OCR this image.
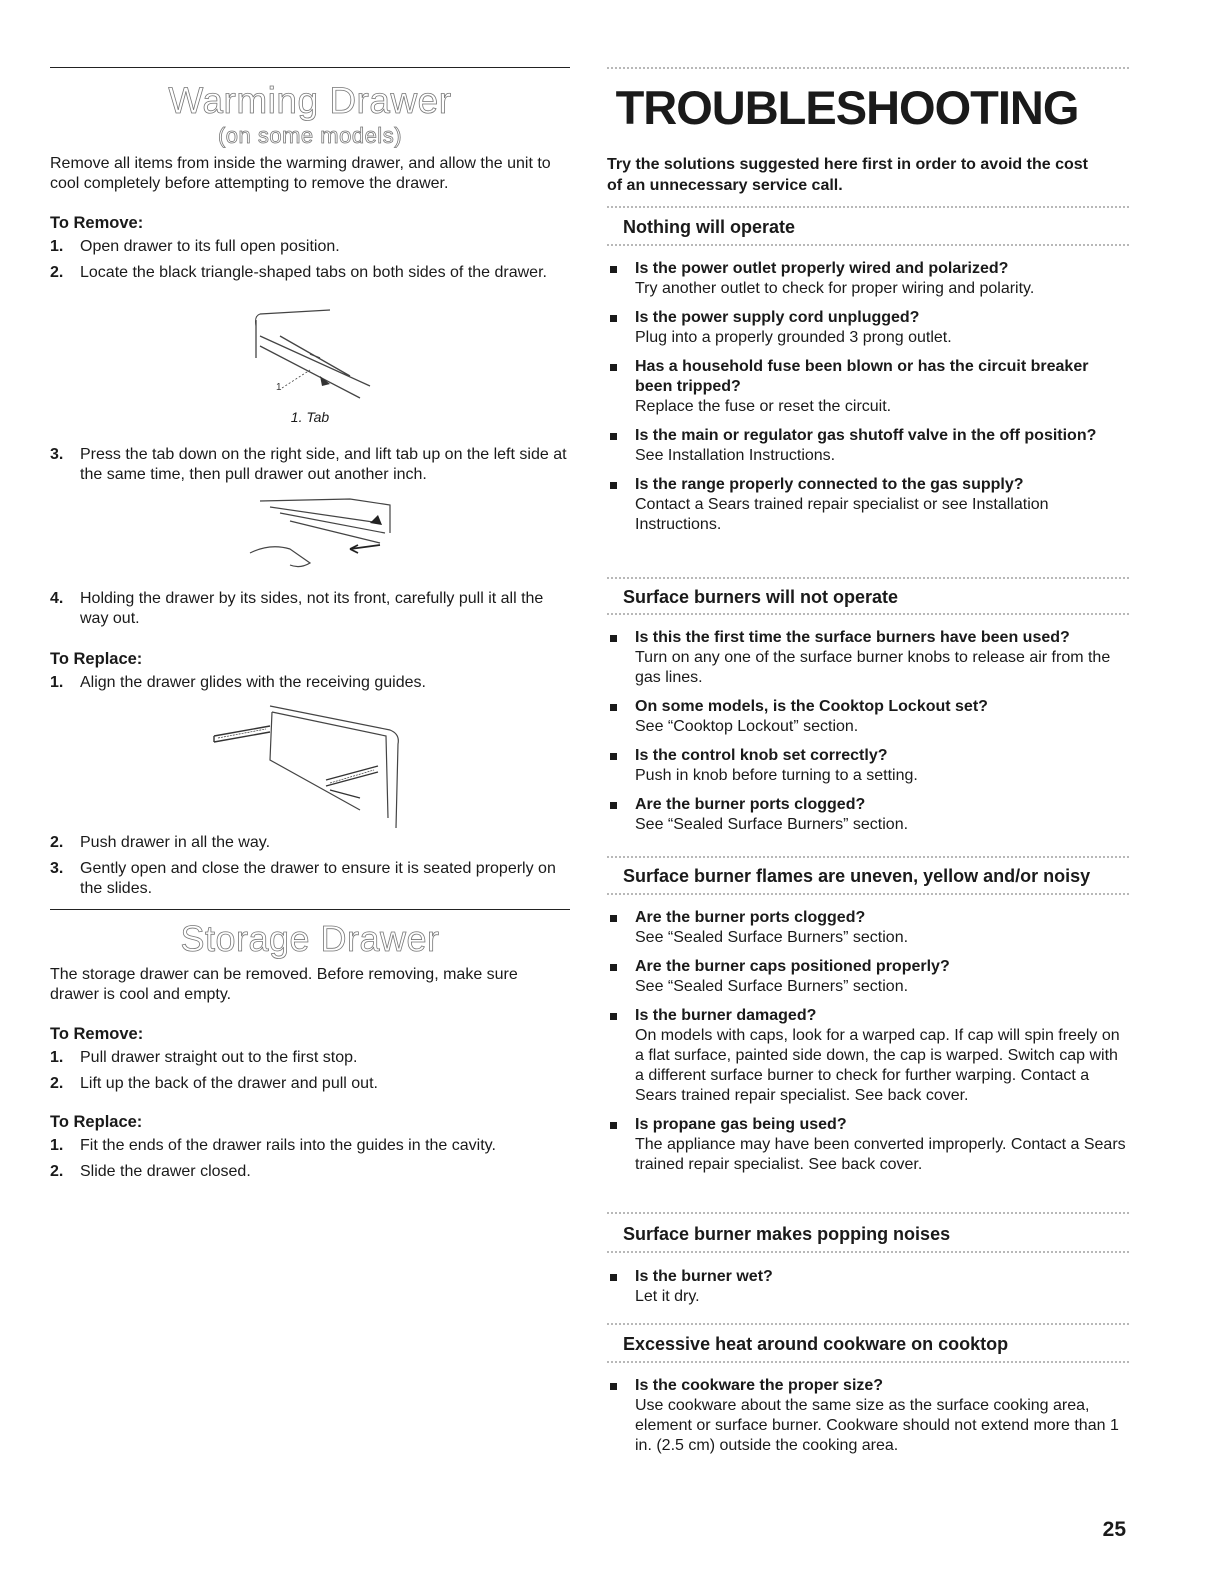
Warming Drawer
(on some models)

Remove all items from inside the warming drawer, and allow the unit to cool completely before attempting to remove the drawer.

To Remove:
1. Open drawer to its full open position.
2. Locate the black triangle-shaped tabs on both sides of the drawer.
1
1. Tab
3. Press the tab down on the right side, and lift tab up on the left side at the same time, then pull drawer out another inch.
4. Holding the drawer by its sides, not its front, carefully pull it all the way out.
To Replace:
1. Align the drawer glides with the receiving guides.
2. Push drawer in all the way.
3. Gently open and close the drawer to ensure it is seated properly on the slides.
Storage Drawer

The storage drawer can be removed. Before removing, make sure drawer is cool and empty.

To Remove:
1. Pull drawer straight out to the first stop.
2. Lift up the back of the drawer and pull out.
To Replace:
1. Fit the ends of the drawer rails into the guides in the cavity.
2. Slide the drawer closed.
TROUBLESHOOTING

Try the solutions suggested here first in order to avoid the cost of an unnecessary service call.

Nothing will operate
Is the power outlet properly wired and polarized?
Try another outlet to check for proper wiring and polarity.
Is the power supply cord unplugged?
Plug into a properly grounded 3 prong outlet.
Has a household fuse been blown or has the circuit breaker been tripped?
Replace the fuse or reset the circuit.
Is the main or regulator gas shutoff valve in the off position?
See Installation Instructions.
Is the range properly connected to the gas supply?
Contact a Sears trained repair specialist or see Installation Instructions.
Surface burners will not operate
Is this the first time the surface burners have been used?
Turn on any one of the surface burner knobs to release air from the gas lines.
On some models, is the Cooktop Lockout set?
See “Cooktop Lockout” section.
Is the control knob set correctly?
Push in knob before turning to a setting.
Are the burner ports clogged?
See “Sealed Surface Burners” section.
Surface burner flames are uneven, yellow and/or noisy
Are the burner ports clogged?
See “Sealed Surface Burners” section.
Are the burner caps positioned properly?
See “Sealed Surface Burners” section.
Is the burner damaged?
On models with caps, look for a warped cap. If cap will spin freely on a flat surface, painted side down, the cap is warped. Switch cap with a different surface burner to check for further warping. Contact a Sears trained repair specialist. See back cover.
Is propane gas being used?
The appliance may have been converted improperly. Contact a Sears trained repair specialist. See back cover.
Surface burner makes popping noises
Is the burner wet?
Let it dry.
Excessive heat around cookware on cooktop
Is the cookware the proper size?
Use cookware about the same size as the surface cooking area, element or surface burner. Cookware should not extend more than 1 in. (2.5 cm) outside the cooking area.
25
